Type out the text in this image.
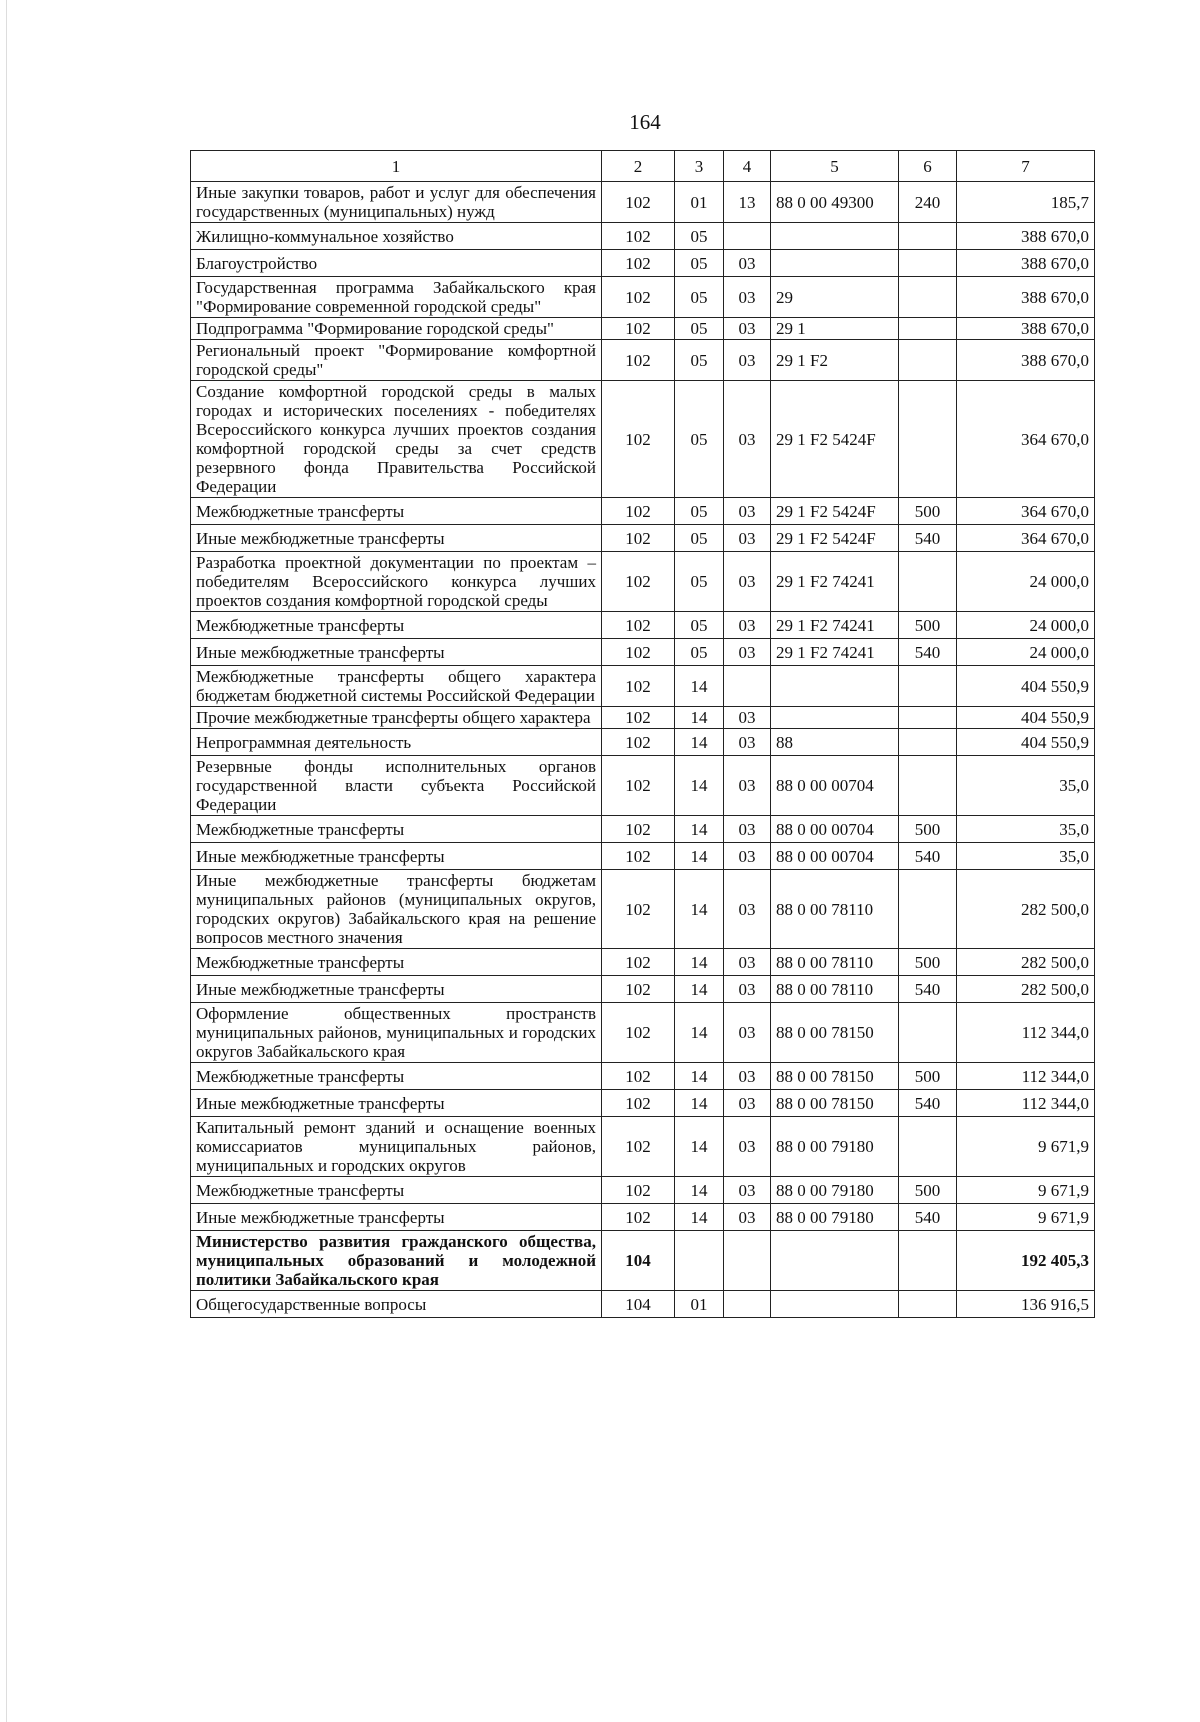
164
1	2	3	4	5	6	7
Иные закупки товаров, работ и услуг для обеспечения государственных (муниципальных) нужд	102	01	13	88 0 00 49300	240	185,7
Жилищно-коммунальное хозяйство	102	05				388 670,0
Благоустройство	102	05	03			388 670,0
Государственная программа Забайкальского края "Формирование современной городской среды"	102	05	03	29		388 670,0
Подпрограмма "Формирование городской среды"	102	05	03	29 1		388 670,0
Региональный проект "Формирование комфортной городской среды"	102	05	03	29 1 F2		388 670,0
Создание комфортной городской среды в малых городах и исторических поселениях - победителях Всероссийского конкурса лучших проектов создания комфортной городской среды за счет средств резервного фонда Правительства Российской Федерации	102	05	03	29 1 F2 5424F		364 670,0
Межбюджетные трансферты	102	05	03	29 1 F2 5424F	500	364 670,0
Иные межбюджетные трансферты	102	05	03	29 1 F2 5424F	540	364 670,0
Разработка проектной документации по проектам – победителям Всероссийского конкурса лучших проектов создания комфортной городской среды	102	05	03	29 1 F2 74241		24 000,0
Межбюджетные трансферты	102	05	03	29 1 F2 74241	500	24 000,0
Иные межбюджетные трансферты	102	05	03	29 1 F2 74241	540	24 000,0
Межбюджетные трансферты общего характера бюджетам бюджетной системы Российской Федерации	102	14				404 550,9
Прочие межбюджетные трансферты общего характера	102	14	03			404 550,9
Непрограммная деятельность	102	14	03	88		404 550,9
Резервные фонды исполнительных органов государственной власти субъекта Российской Федерации	102	14	03	88 0 00 00704		35,0
Межбюджетные трансферты	102	14	03	88 0 00 00704	500	35,0
Иные межбюджетные трансферты	102	14	03	88 0 00 00704	540	35,0
Иные межбюджетные трансферты бюджетам муниципальных районов (муниципальных округов, городских округов) Забайкальского края на решение вопросов местного значения	102	14	03	88 0 00 78110		282 500,0
Межбюджетные трансферты	102	14	03	88 0 00 78110	500	282 500,0
Иные межбюджетные трансферты	102	14	03	88 0 00 78110	540	282 500,0
Оформление общественных пространств муниципальных районов, муниципальных и городских округов Забайкальского края	102	14	03	88 0 00 78150		112 344,0
Межбюджетные трансферты	102	14	03	88 0 00 78150	500	112 344,0
Иные межбюджетные трансферты	102	14	03	88 0 00 78150	540	112 344,0
Капитальный ремонт зданий и оснащение военных комиссариатов муниципальных районов, муниципальных и городских округов	102	14	03	88 0 00 79180		9 671,9
Межбюджетные трансферты	102	14	03	88 0 00 79180	500	9 671,9
Иные межбюджетные трансферты	102	14	03	88 0 00 79180	540	9 671,9
Министерство развития гражданского общества, муниципальных образований и молодежной политики Забайкальского края	104					192 405,3
Общегосударственные вопросы	104	01				136 916,5
